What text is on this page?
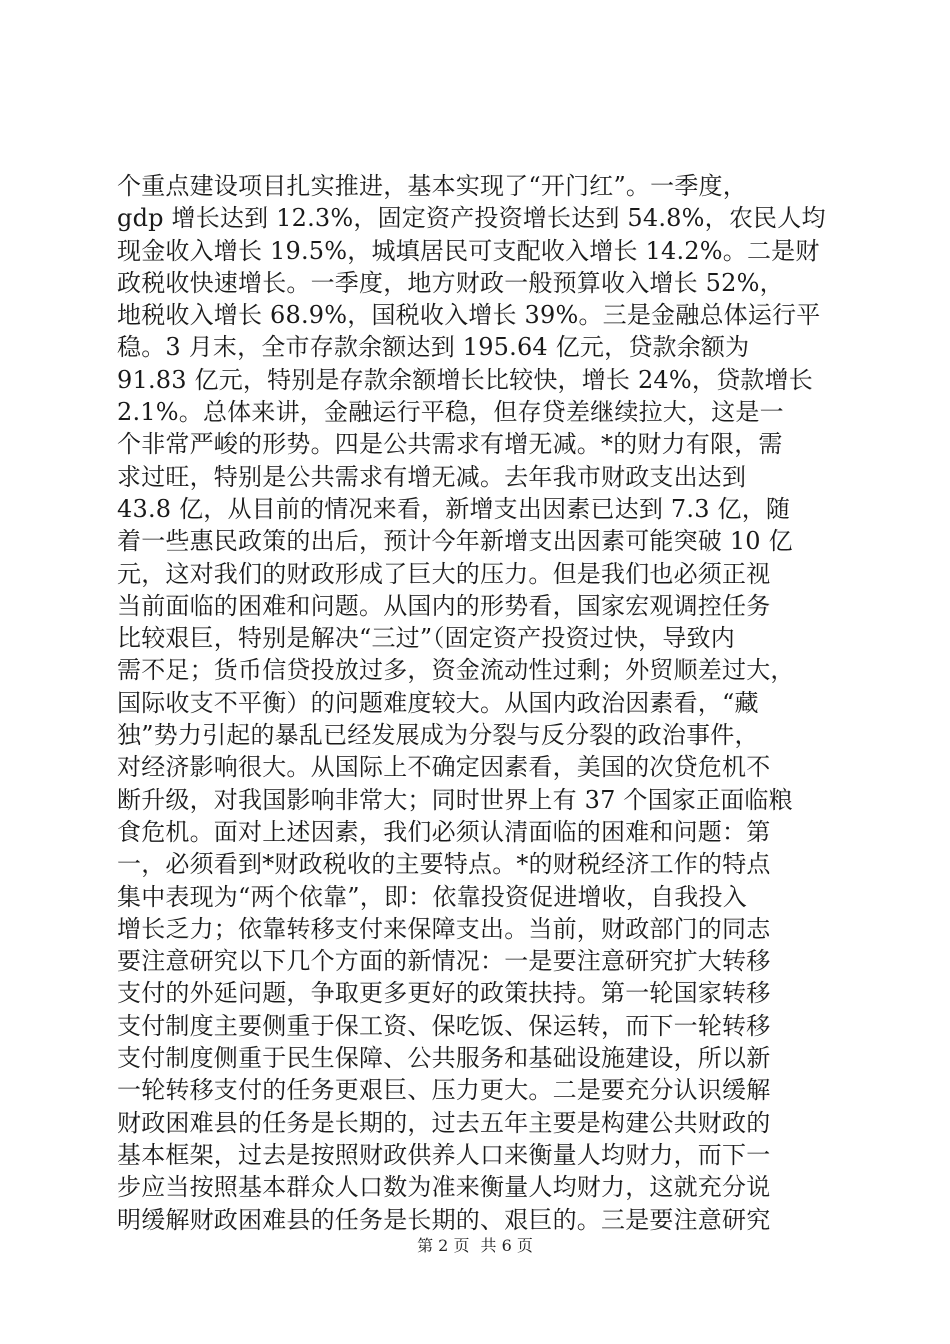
个重点建设项目扎实推进，基本实现了“开门红”。一季度，
gdp 增长达到 12.3%，固定资产投资增长达到 54.8%，农民人均
现金收入增长 19.5%，城填居民可支配收入增长 14.2%。二是财
政税收快速增长。一季度，地方财政一般预算收入增长 52%，
地税收入增长 68.9%，国税收入增长 39%。三是金融总体运行平
稳。3 月末，全市存款余额达到 195.64 亿元，贷款余额为
91.83 亿元，特别是存款余额增长比较快，增长 24%，贷款增长
2.1%。总体来讲，金融运行平稳，但存贷差继续拉大，这是一
个非常严峻的形势。四是公共需求有增无减。*的财力有限，需
求过旺，特别是公共需求有增无减。去年我市财政支出达到
43.8 亿，从目前的情况来看，新增支出因素已达到 7.3 亿，随
着一些惠民政策的出后，预计今年新增支出因素可能突破 10 亿
元，这对我们的财政形成了巨大的压力。但是我们也必须正视
当前面临的困难和问题。从国内的形势看，国家宏观调控任务
比较艰巨，特别是解决“三过”（固定资产投资过快，导致内
需不足；货币信贷投放过多，资金流动性过剩；外贸顺差过大，
国际收支不平衡）的问题难度较大。从国内政治因素看，“藏
独”势力引起的暴乱已经发展成为分裂与反分裂的政治事件，
对经济影响很大。从国际上不确定因素看，美国的次贷危机不
断升级，对我国影响非常大；同时世界上有 37 个国家正面临粮
食危机。面对上述因素，我们必须认清面临的困难和问题：第
一，必须看到*财政税收的主要特点。*的财税经济工作的特点
集中表现为“两个依靠”，即：依靠投资促进增收，自我投入
增长乏力；依靠转移支付来保障支出。当前，财政部门的同志
要注意研究以下几个方面的新情况：一是要注意研究扩大转移
支付的外延问题，争取更多更好的政策扶持。第一轮国家转移
支付制度主要侧重于保工资、保吃饭、保运转，而下一轮转移
支付制度侧重于民生保障、公共服务和基础设施建设，所以新
一轮转移支付的任务更艰巨、压力更大。二是要充分认识缓解
财政困难县的任务是长期的，过去五年主要是构建公共财政的
基本框架，过去是按照财政供养人口来衡量人均财力，而下一
步应当按照基本群众人口数为准来衡量人均财力，这就充分说
明缓解财政困难县的任务是长期的、艰巨的。三是要注意研究
第 2 页 共 6 页
